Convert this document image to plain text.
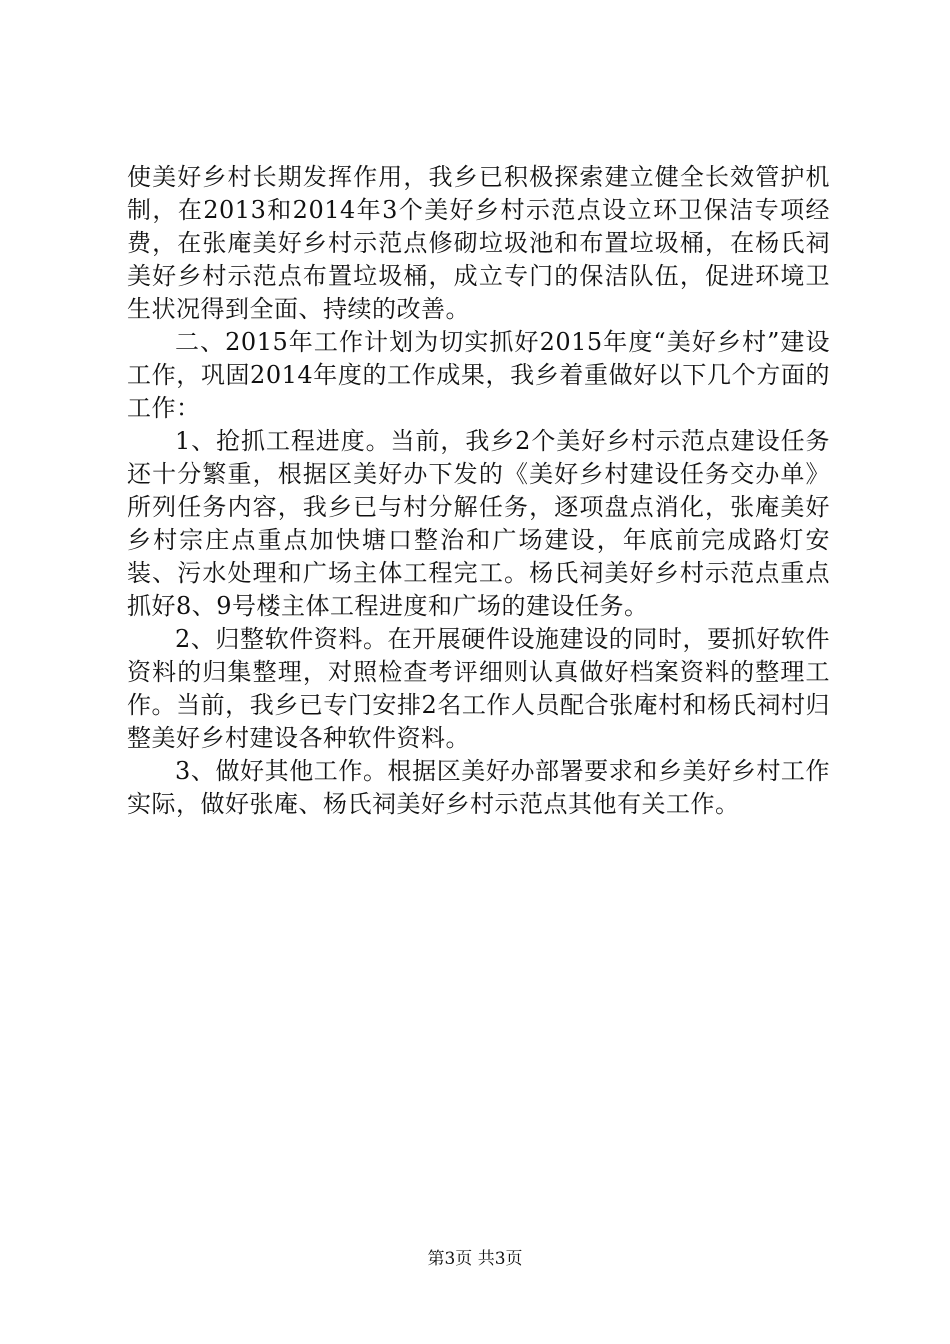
使美好乡村长期发挥作用，我乡已积极探索建立健全长效管护机制，在2013和2014年3个美好乡村示范点设立环卫保洁专项经费，在张庵美好乡村示范点修砌垃圾池和布置垃圾桶，在杨氏祠美好乡村示范点布置垃圾桶，成立专门的保洁队伍，促进环境卫生状况得到全面、持续的改善。

二、2015年工作计划为切实抓好2015年度“美好乡村”建设工作，巩固2014年度的工作成果，我乡着重做好以下几个方面的工作：

1、抢抓工程进度。当前，我乡2个美好乡村示范点建设任务还十分繁重，根据区美好办下发的《美好乡村建设任务交办单》所列任务内容，我乡已与村分解任务，逐项盘点消化，张庵美好乡村宗庄点重点加快塘口整治和广场建设，年底前完成路灯安装、污水处理和广场主体工程完工。杨氏祠美好乡村示范点重点抓好8、9号楼主体工程进度和广场的建设任务。

2、归整软件资料。在开展硬件设施建设的同时，要抓好软件资料的归集整理，对照检查考评细则认真做好档案资料的整理工作。当前，我乡已专门安排2名工作人员配合张庵村和杨氏祠村归整美好乡村建设各种软件资料。

3、做好其他工作。根据区美好办部署要求和乡美好乡村工作实际，做好张庵、杨氏祠美好乡村示范点其他有关工作。

第3页 共3页
